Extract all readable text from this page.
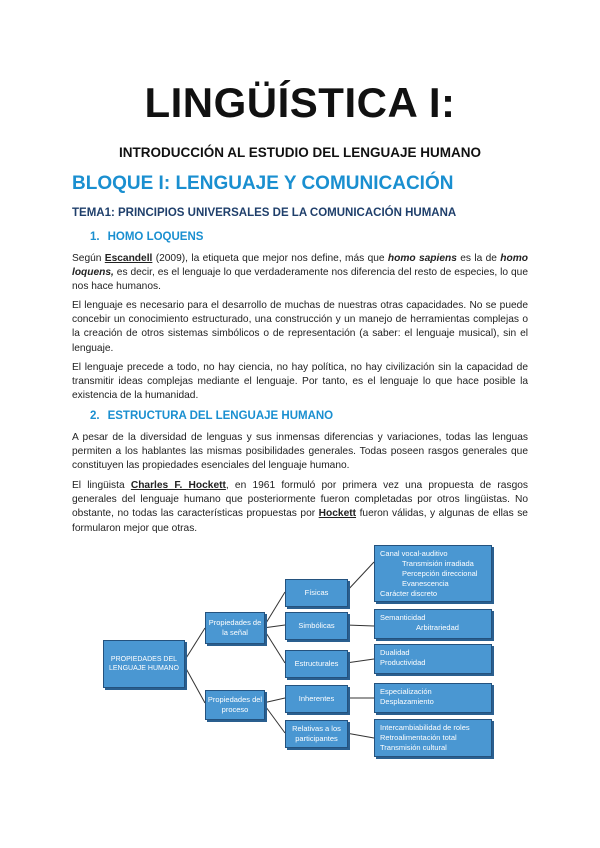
LINGÜÍSTICA I:
INTRODUCCIÓN AL ESTUDIO DEL LENGUAJE HUMANO
BLOQUE I: LENGUAJE Y COMUNICACIÓN
TEMA1: PRINCIPIOS UNIVERSALES DE LA COMUNICACIÓN HUMANA
1. HOMO LOQUENS

Según Escandell (2009), la etiqueta que mejor nos define, más que homo sapiens es la de homo loquens, es decir, es el lenguaje lo que verdaderamente nos diferencia del resto de especies, lo que nos hace humanos.

El lenguaje es necesario para el desarrollo de muchas de nuestras otras capacidades. No se puede concebir un conocimiento estructurado, una construcción y un manejo de herramientas complejas o la creación de otros sistemas simbólicos o de representación (a saber: el lenguaje musical), sin el lenguaje.

El lenguaje precede a todo, no hay ciencia, no hay política, no hay civilización sin la capacidad de transmitir ideas complejas mediante el lenguaje. Por tanto, es el lenguaje lo que hace posible la existencia de la humanidad.

2. ESTRUCTURA DEL LENGUAJE HUMANO

A pesar de la diversidad de lenguas y sus inmensas diferencias y variaciones, todas las lenguas permiten a los hablantes las mismas posibilidades generales. Todas poseen rasgos generales que constituyen las propiedades esenciales del lenguaje humano.

El lingüista Charles F. Hockett, en 1961 formuló por primera vez una propuesta de rasgos generales del lenguaje humano que posteriormente fueron completadas por otros lingüistas. No obstante, no todas las características propuestas por Hockett fueron válidas, y algunas de ellas se formularon mejor que otras.

PROPIEDADES DEL LENGUAJE HUMANO
Propiedades de la señal
Propiedades del proceso
Físicas
Simbólicas
Estructurales
Inherentes
Relativas a los participantes
Canal vocal-auditivo
Transmisión irradiada
Percepción direccional
Evanescencia
Carácter discreto
Semanticidad
Arbitrariedad
Dualidad
Productividad
Especialización
Desplazamiento
Intercambiabilidad de roles
Retroalimentación total
Transmisión cultural
